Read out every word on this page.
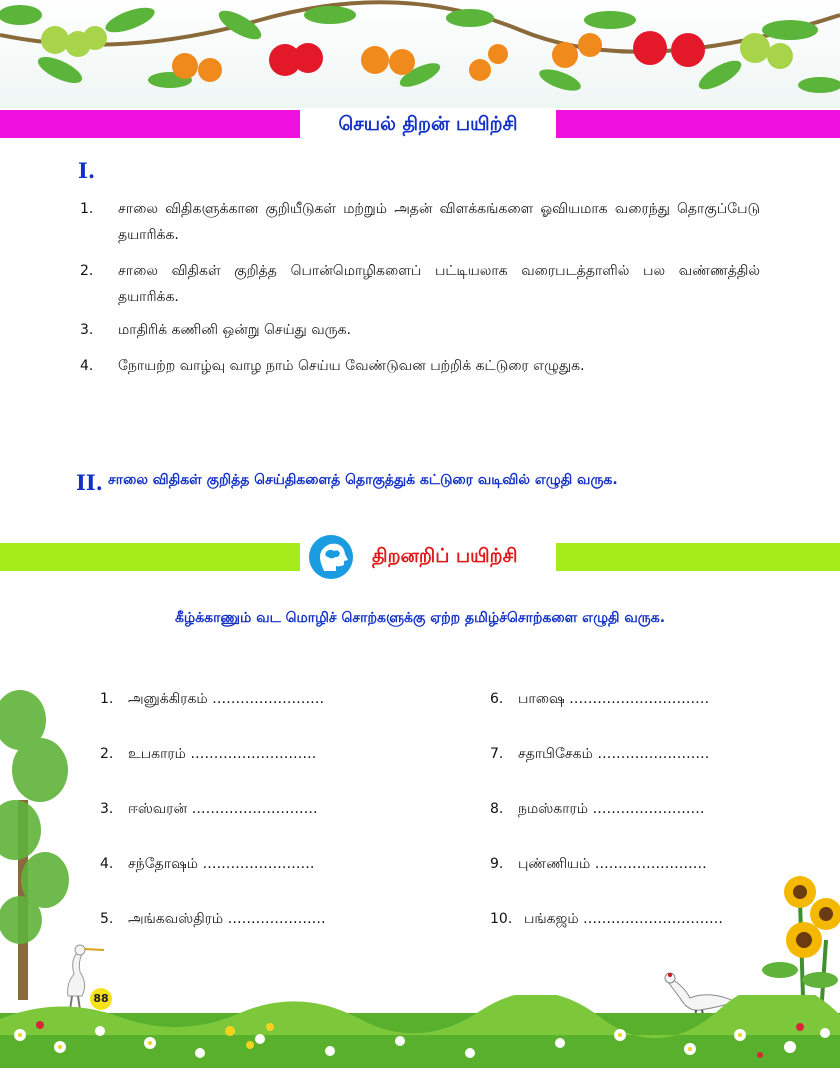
செயல் திறன் பயிற்சி
I.
1.	சாலை விதிகளுக்கான குறியீடுகள் மற்றும் அதன் விளக்கங்களை ஓவியமாக வரைந்து தொகுப்பேடு தயாரிக்க.
2.	சாலை விதிகள் குறித்த பொன்மொழிகளைப் பட்டியலாக வரைபடத்தாளில் பல வண்ணத்தில் தயாரிக்க.
3.	மாதிரிக் கணினி ஒன்று செய்து வருக.
4.	நோயற்ற வாழ்வு வாழ நாம் செய்ய வேண்டுவன பற்றிக் கட்டுரை எழுதுக.
II. சாலை விதிகள் குறித்த செய்திகளைத் தொகுத்துக் கட்டுரை வடிவில் எழுதி வருக.
திறனறிப் பயிற்சி
கீழ்க்காணும் வட மொழிச் சொற்களுக்கு ஏற்ற தமிழ்ச்சொற்களை எழுதி வருக.
1. அனுக்கிரகம் ……………………
2. உபகாரம் ………………………
3. ஈஸ்வரன் ………………………
4. சந்தோஷம் ……………………
5. அங்கவஸ்திரம் …………………
6. பாஷை …………………………
7. சதாபிசேகம் ……………………
8. நமஸ்காரம் ……………………
9. புண்ணியம் ……………………
10. பங்கஜம் …………………………
88
